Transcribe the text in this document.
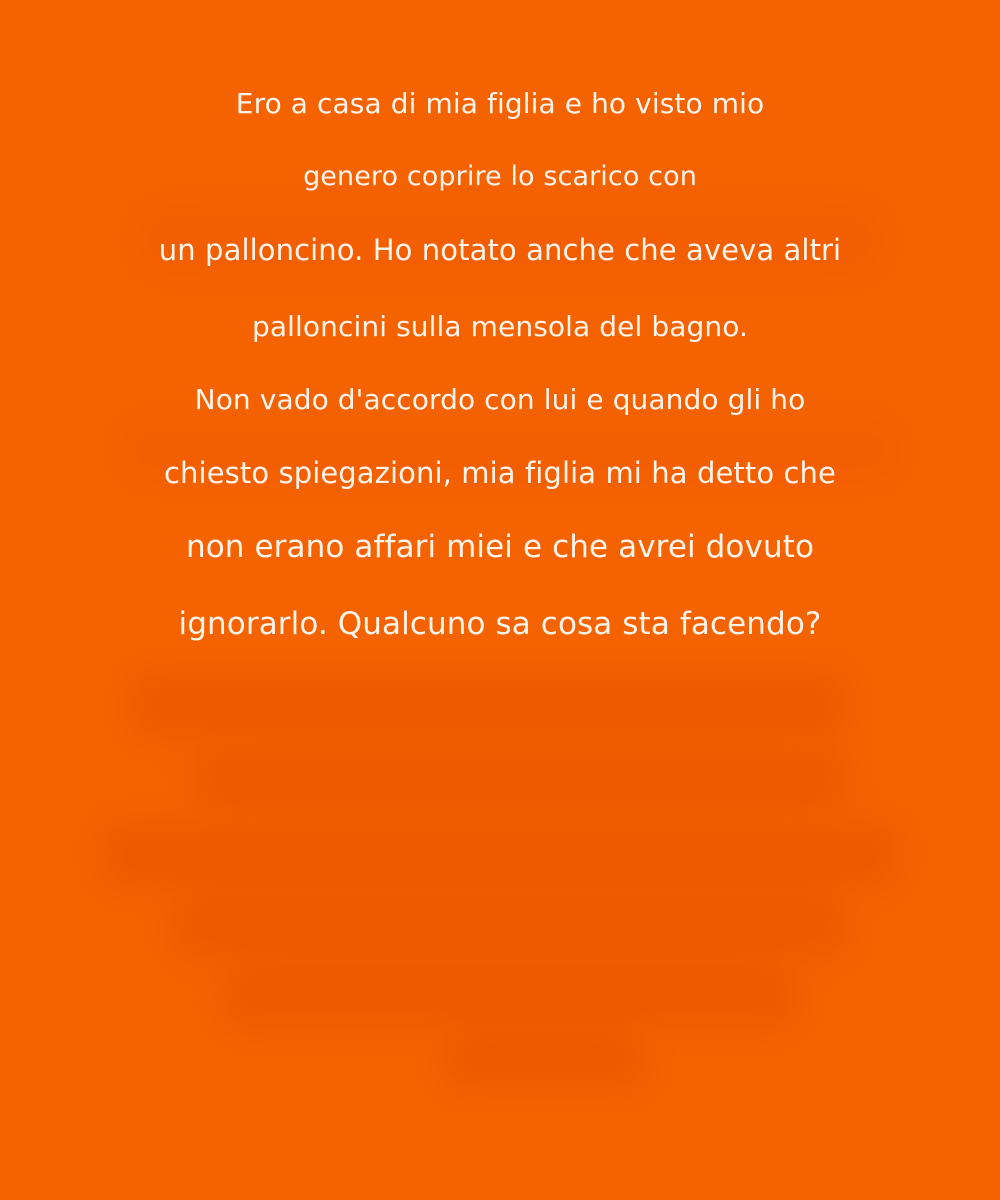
Ero a casa di mia figlia e ho visto mio
genero coprire lo scarico con
un palloncino. Ho notato anche che aveva altri
palloncini sulla mensola del bagno.
Non vado d'accordo con lui e quando gli ho
chiesto spiegazioni, mia figlia mi ha detto che
non erano affari miei e che avrei dovuto
ignorarlo. Qualcuno sa cosa sta facendo?
